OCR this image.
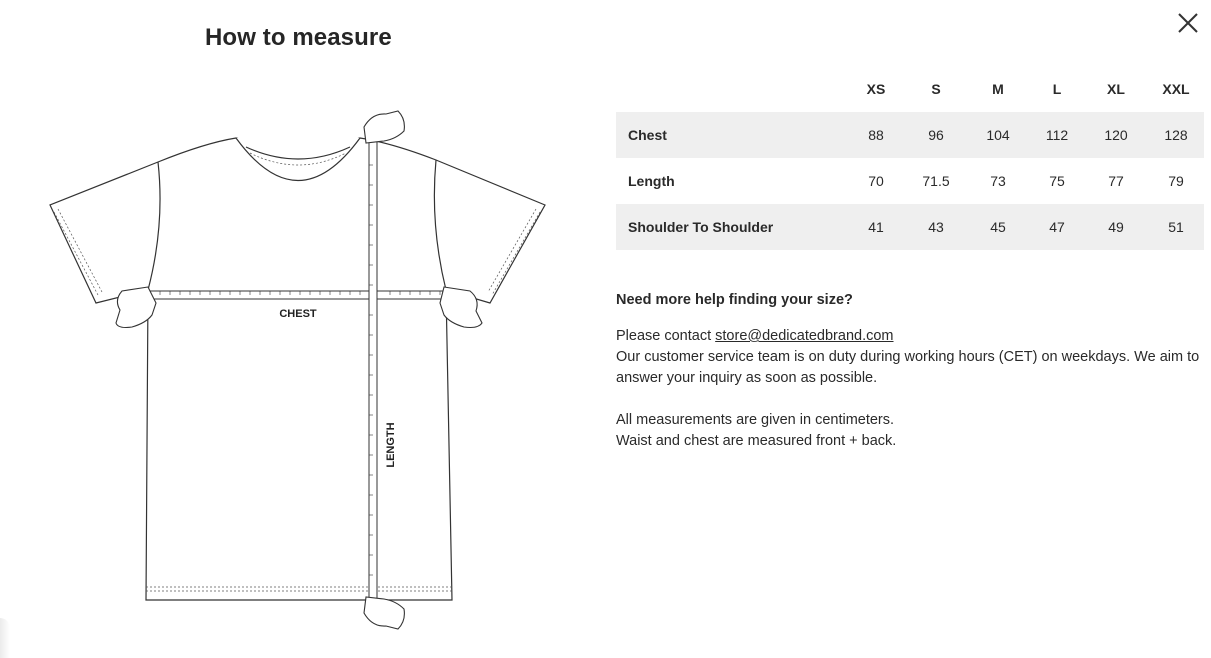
How to measure
CHEST
LENGTH
	XS	S	M	L	XL	XXL
Chest	88	96	104	112	120	128
Length	70	71.5	73	75	77	79
Shoulder To Shoulder	41	43	45	47	49	51

Need more help finding your size?

Please contact store@dedicatedbrand.com

Our customer service team is on duty during working hours (CET) on weekdays. We aim to answer your inquiry as soon as possible.

All measurements are given in centimeters.

Waist and chest are measured front + back.
